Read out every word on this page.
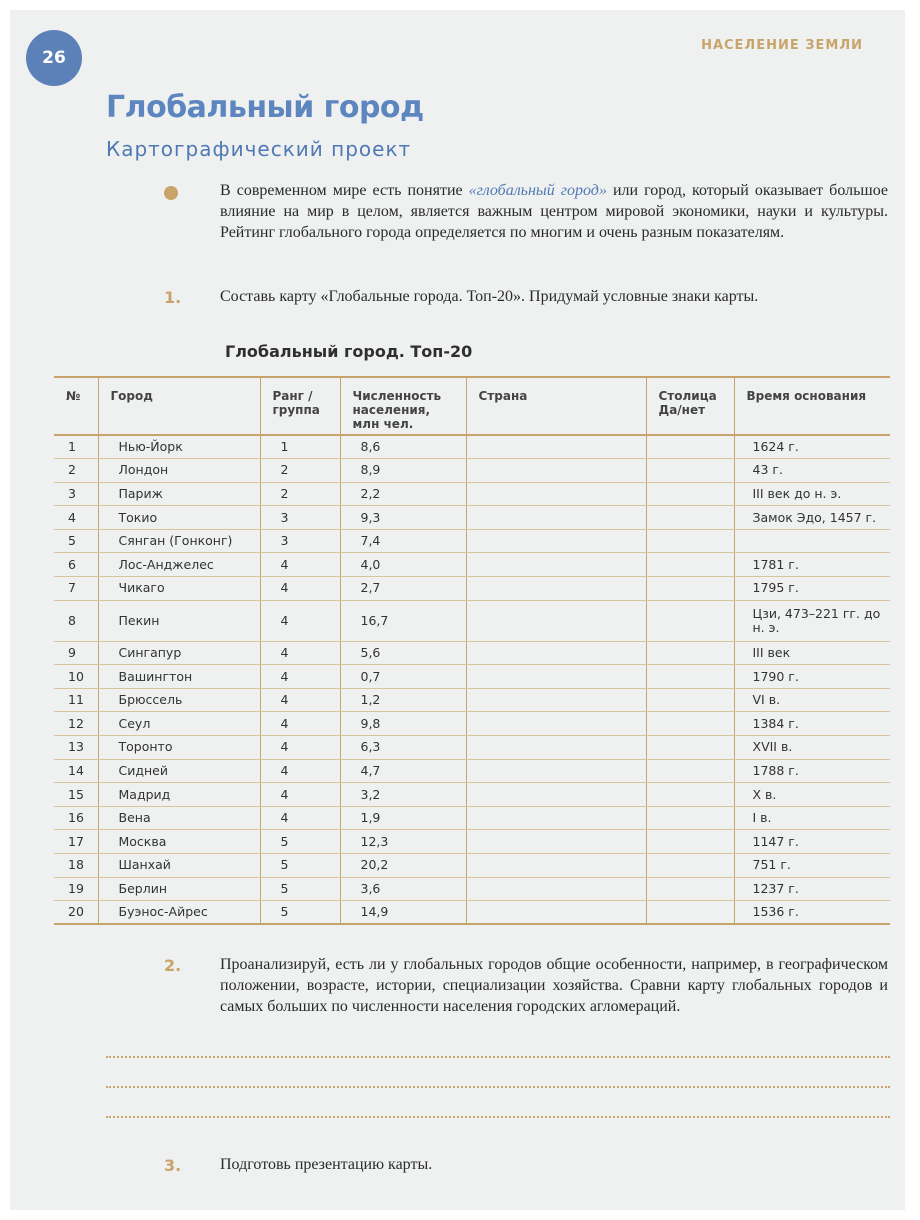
26
НАСЕЛЕНИЕ ЗЕМЛИ
Глобальный город
Картографический проект
В современном мире есть понятие «глобальный город» или город, который оказывает большое влияние на мир в целом, является важным центром мировой экономики, науки и культуры. Рейтинг глобального города определяется по многим и очень разным показателям.
1. Составь карту «Глобальные города. Топ-20». Придумай условные знаки карты.
Глобальный город. Топ-20
№	Город	Ранг / группа	Численность населения, млн чел.	Страна	Столица Да/нет	Время основания
1	Нью-Йорк	1	8,6			1624 г.
2	Лондон	2	8,9			43 г.
3	Париж	2	2,2			III век до н. э.
4	Токио	3	9,3			Замок Эдо, 1457 г.
5	Сянган (Гонконг)	3	7,4			
6	Лос-Анджелес	4	4,0			1781 г.
7	Чикаго	4	2,7			1795 г.
8	Пекин	4	16,7			Цзи, 473–221 гг. до н. э.
9	Сингапур	4	5,6			III век
10	Вашингтон	4	0,7			1790 г.
11	Брюссель	4	1,2			VI в.
12	Сеул	4	9,8			1384 г.
13	Торонто	4	6,3			XVII в.
14	Сидней	4	4,7			1788 г.
15	Мадрид	4	3,2			X в.
16	Вена	4	1,9			I в.
17	Москва	5	12,3			1147 г.
18	Шанхай	5	20,2			751 г.
19	Берлин	5	3,6			1237 г.
20	Буэнос-Айрес	5	14,9			1536 г.
2. Проанализируй, есть ли у глобальных городов общие особенности, например, в географическом положении, возрасте, истории, специализации хозяйства. Сравни карту глобальных городов и самых больших по численности населения городских агломераций.
3. Подготовь презентацию карты.
